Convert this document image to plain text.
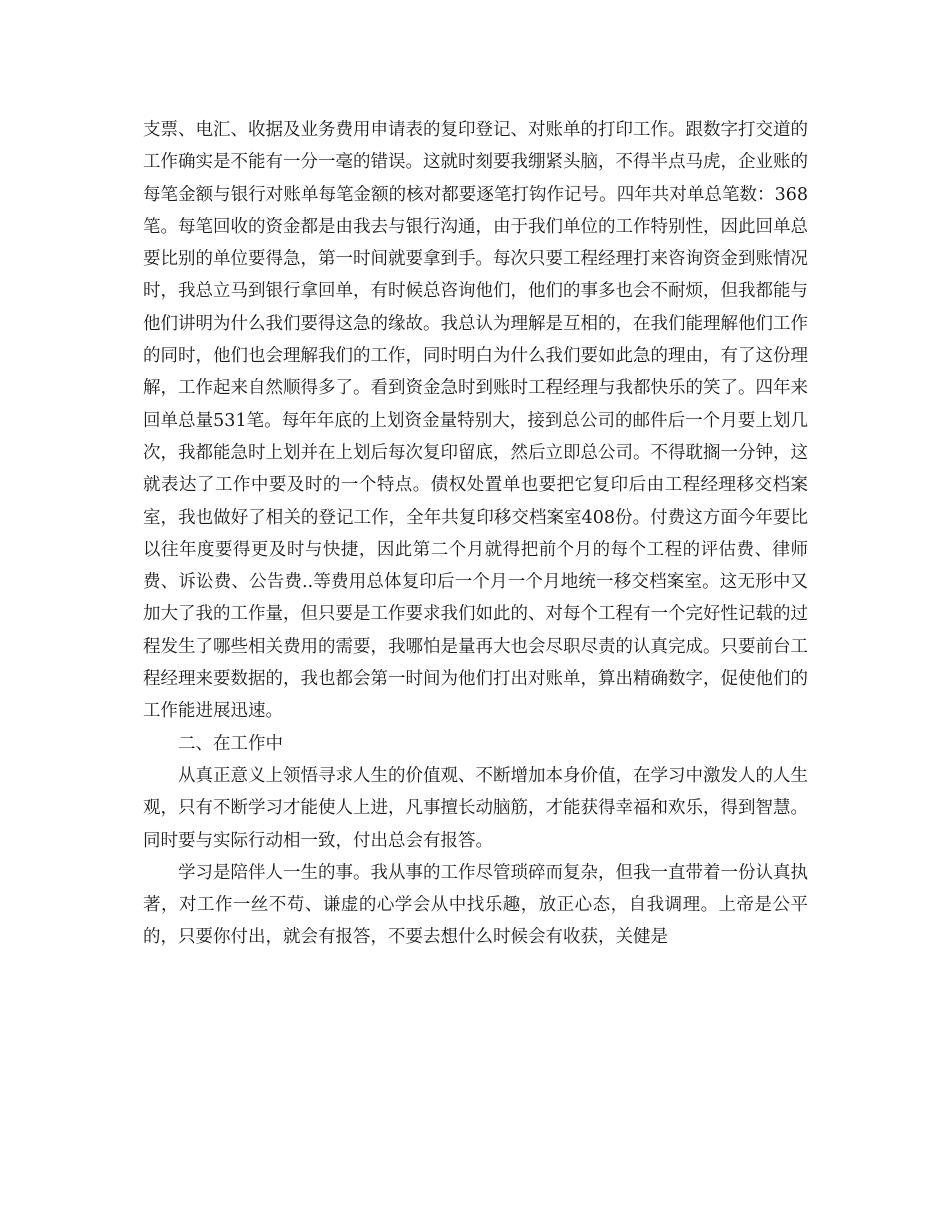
支票、电汇、收据及业务费用申请表的复印登记、对账单的打印工作。跟数字打交道的工作确实是不能有一分一毫的错误。这就时刻要我绷紧头脑，不得半点马虎，企业账的每笔金额与银行对账单每笔金额的核对都要逐笔打钩作记号。四年共对单总笔数：368笔。每笔回收的资金都是由我去与银行沟通，由于我们单位的工作特别性，因此回单总要比别的单位要得急，第一时间就要拿到手。每次只要工程经理打来咨询资金到账情况时，我总立马到银行拿回单，有时候总咨询他们，他们的事多也会不耐烦，但我都能与他们讲明为什么我们要得这急的缘故。我总认为理解是互相的，在我们能理解他们工作的同时，他们也会理解我们的工作，同时明白为什么我们要如此急的理由，有了这份理解，工作起来自然顺得多了。看到资金急时到账时工程经理与我都快乐的笑了。四年来回单总量531笔。每年年底的上划资金量特别大，接到总公司的邮件后一个月要上划几次，我都能急时上划并在上划后每次复印留底，然后立即总公司。不得耽搁一分钟，这就表达了工作中要及时的一个特点。债权处置单也要把它复印后由工程经理移交档案室，我也做好了相关的登记工作，全年共复印移交档案室408份。付费这方面今年要比以往年度要得更及时与快捷，因此第二个月就得把前个月的每个工程的评估费、律师费、诉讼费、公告费..等费用总体复印后一个月一个月地统一移交档案室。这无形中又加大了我的工作量，但只要是工作要求我们如此的、对每个工程有一个完好性记载的过程发生了哪些相关费用的需要，我哪怕是量再大也会尽职尽责的认真完成。只要前台工程经理来要数据的，我也都会第一时间为他们打出对账单，算出精确数字，促使他们的工作能进展迅速。

二、在工作中

从真正意义上领悟寻求人生的价值观、不断增加本身价值，在学习中激发人的人生观，只有不断学习才能使人上进，凡事擅长动脑筋，才能获得幸福和欢乐，得到智慧。同时要与实际行动相一致，付出总会有报答。

学习是陪伴人一生的事。我从事的工作尽管琐碎而复杂，但我一直带着一份认真执著，对工作一丝不苟、谦虚的心学会从中找乐趣，放正心态，自我调理。上帝是公平的，只要你付出，就会有报答，不要去想什么时候会有收获，关健是
